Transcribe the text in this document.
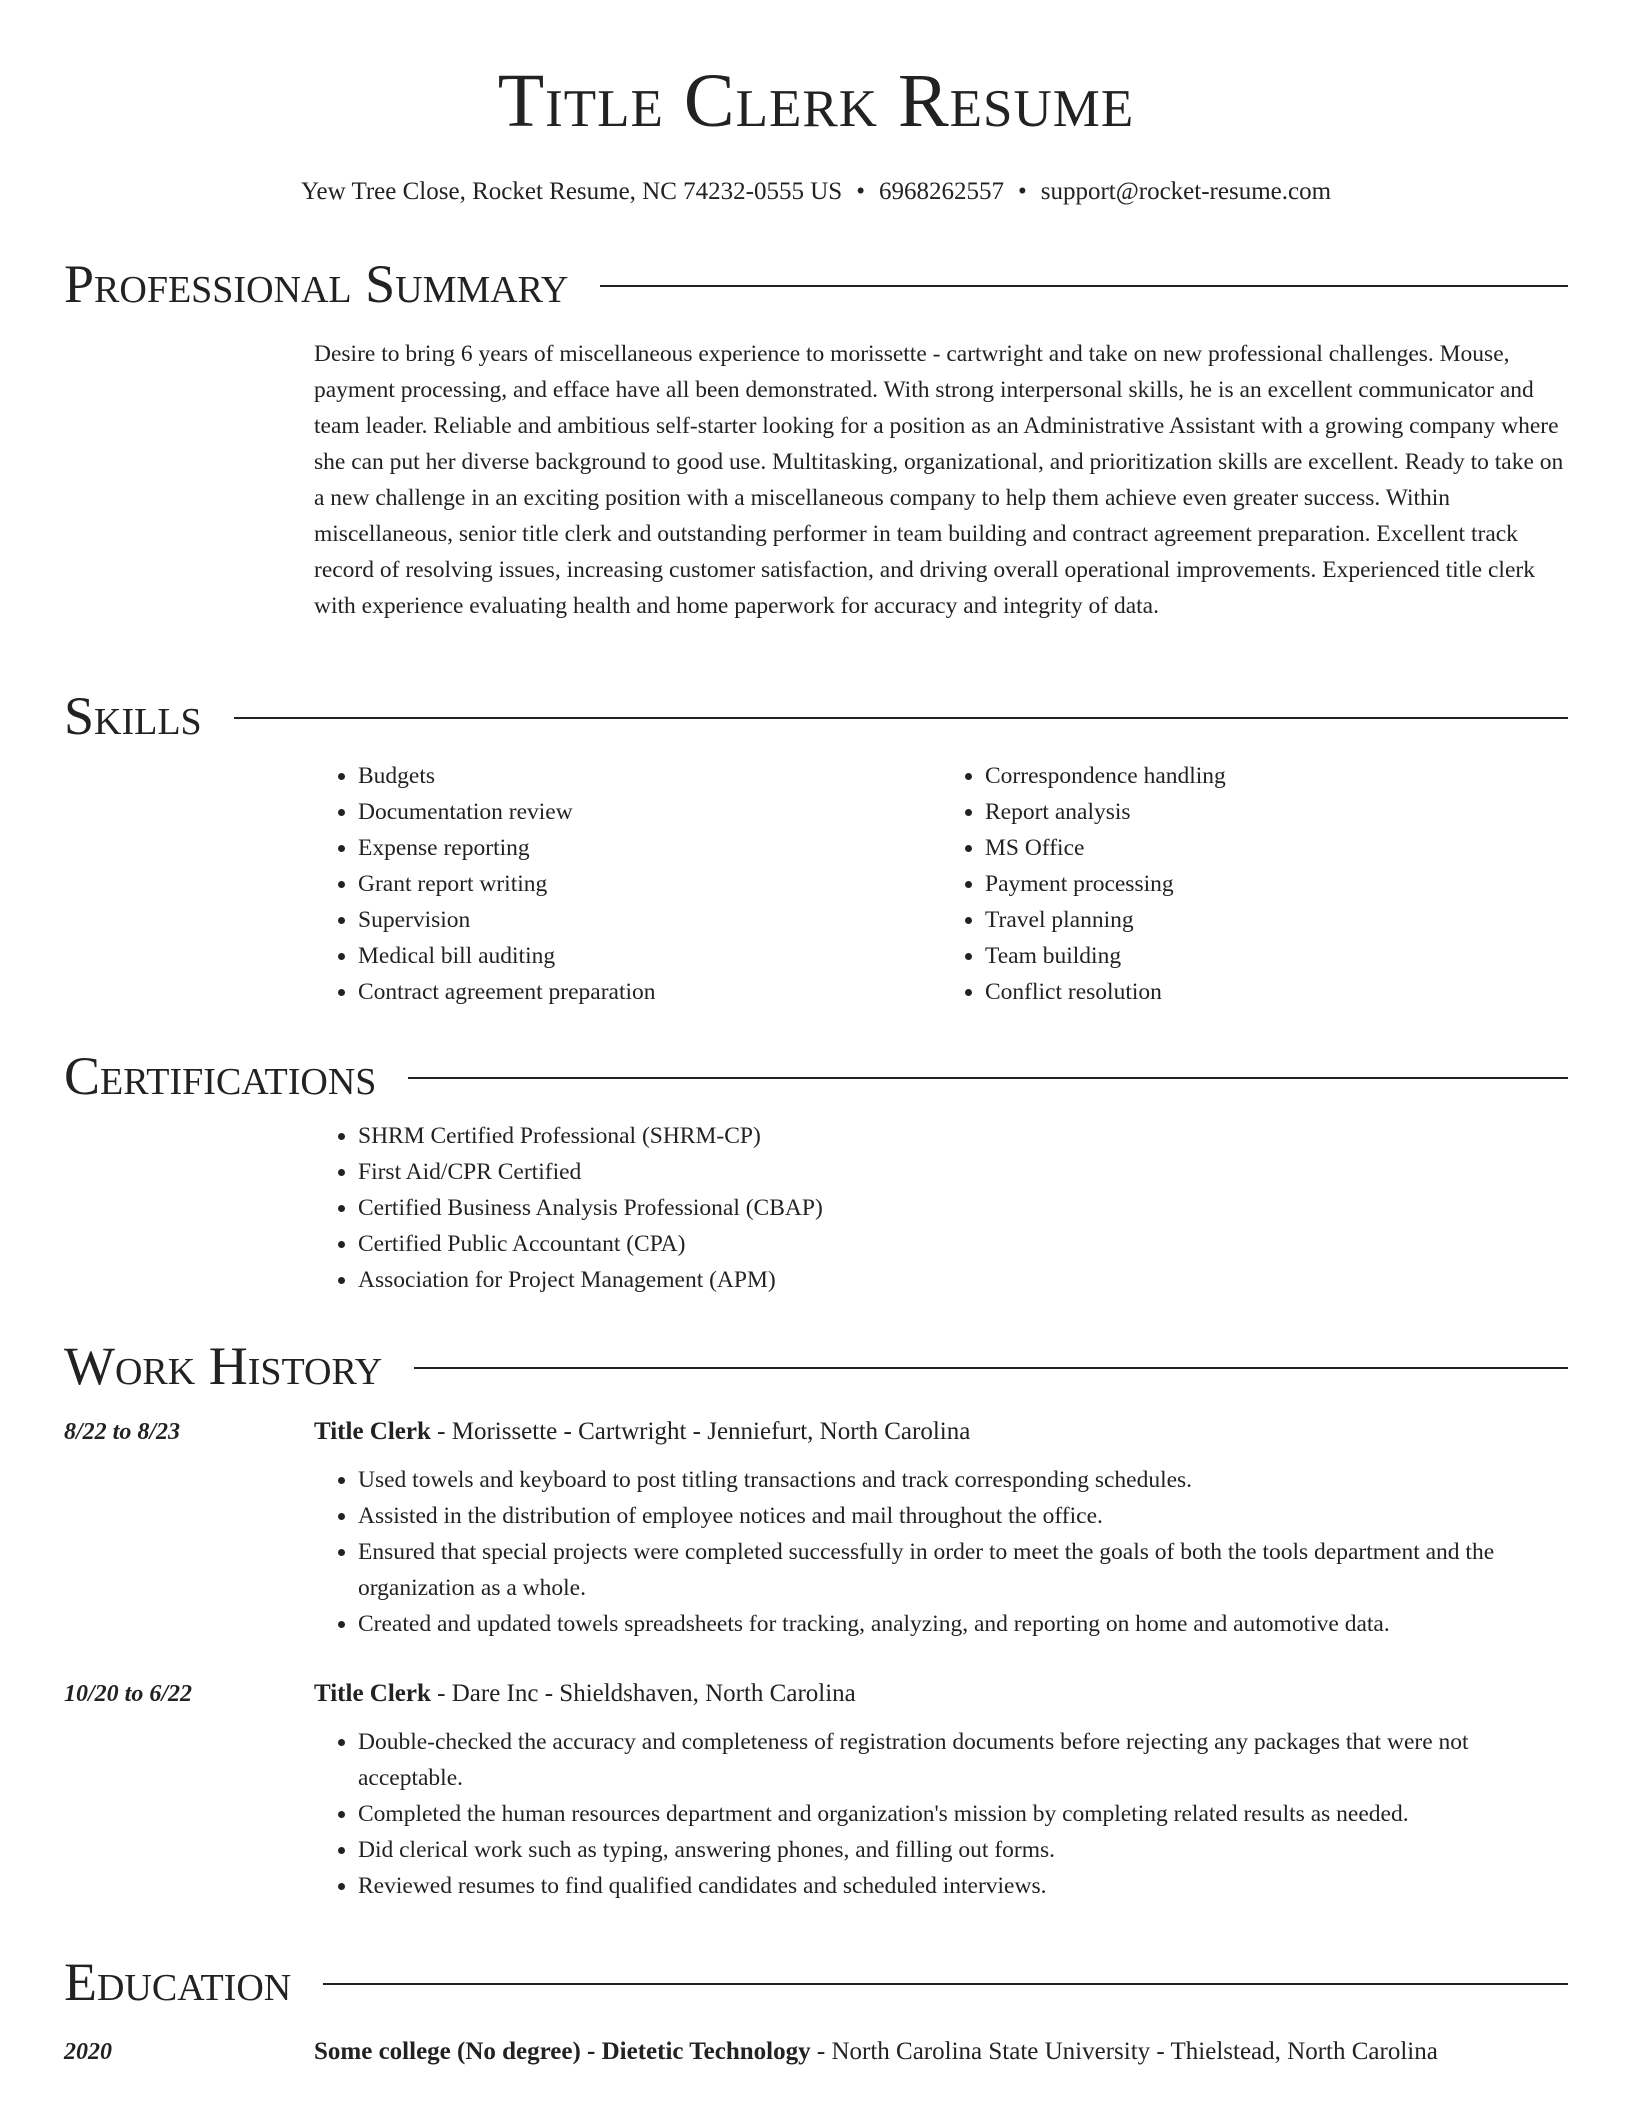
Title Clerk Resume
Yew Tree Close, Rocket Resume, NC 74232-0555 US • 6968262557 • support@rocket-resume.com
Professional Summary

Desire to bring 6 years of miscellaneous experience to morissette - cartwright and take on new professional challenges. Mouse, payment processing, and efface have all been demonstrated. With strong interpersonal skills, he is an excellent communicator and team leader. Reliable and ambitious self-starter looking for a position as an Administrative Assistant with a growing company where she can put her diverse background to good use. Multitasking, organizational, and prioritization skills are excellent. Ready to take on a new challenge in an exciting position with a miscellaneous company to help them achieve even greater success. Within miscellaneous, senior title clerk and outstanding performer in team building and contract agreement preparation. Excellent track record of resolving issues, increasing customer satisfaction, and driving overall operational improvements. Experienced title clerk with experience evaluating health and home paperwork for accuracy and integrity of data.

Skills
• Budgets
• Documentation review
• Expense reporting
• Grant report writing
• Supervision
• Medical bill auditing
• Contract agreement preparation
• Correspondence handling
• Report analysis
• MS Office
• Payment processing
• Travel planning
• Team building
• Conflict resolution
Certifications
• SHRM Certified Professional (SHRM-CP)
• First Aid/CPR Certified
• Certified Business Analysis Professional (CBAP)
• Certified Public Accountant (CPA)
• Association for Project Management (APM)
Work History
8/22 to 8/23	Title Clerk - Morissette - Cartwright - Jenniefurt, North Carolina
• Used towels and keyboard to post titling transactions and track corresponding schedules.
• Assisted in the distribution of employee notices and mail throughout the office.
• Ensured that special projects were completed successfully in order to meet the goals of both the tools department and the organization as a whole.
• Created and updated towels spreadsheets for tracking, analyzing, and reporting on home and automotive data.
10/20 to 6/22	Title Clerk - Dare Inc - Shieldshaven, North Carolina
• Double-checked the accuracy and completeness of registration documents before rejecting any packages that were not acceptable.
• Completed the human resources department and organization's mission by completing related results as needed.
• Did clerical work such as typing, answering phones, and filling out forms.
• Reviewed resumes to find qualified candidates and scheduled interviews.
Education
2020	Some college (No degree) - Dietetic Technology - North Carolina State University - Thielstead, North Carolina
